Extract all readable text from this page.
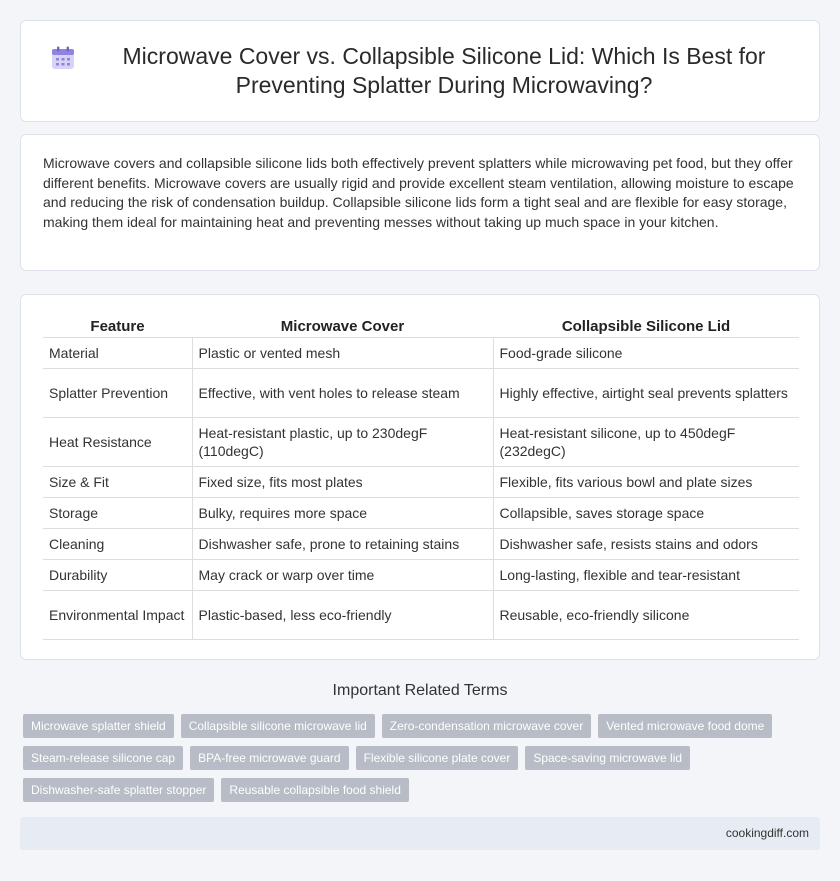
Microwave Cover vs. Collapsible Silicone Lid: Which Is Best for Preventing Splatter During Microwaving?

Microwave covers and collapsible silicone lids both effectively prevent splatters while microwaving pet food, but they offer different benefits. Microwave covers are usually rigid and provide excellent steam ventilation, allowing moisture to escape and reducing the risk of condensation buildup. Collapsible silicone lids form a tight seal and are flexible for easy storage, making them ideal for maintaining heat and preventing messes without taking up much space in your kitchen.

Feature	Microwave Cover	Collapsible Silicone Lid
Material	Plastic or vented mesh	Food-grade silicone
Splatter Prevention	Effective, with vent holes to release steam	Highly effective, airtight seal prevents splatters
Heat Resistance	Heat-resistant plastic, up to 230degF (110degC)	Heat-resistant silicone, up to 450degF (232degC)
Size & Fit	Fixed size, fits most plates	Flexible, fits various bowl and plate sizes
Storage	Bulky, requires more space	Collapsible, saves storage space
Cleaning	Dishwasher safe, prone to retaining stains	Dishwasher safe, resists stains and odors
Durability	May crack or warp over time	Long-lasting, flexible and tear-resistant
Environmental Impact	Plastic-based, less eco-friendly	Reusable, eco-friendly silicone
Important Related Terms
Microwave splatter shield	Collapsible silicone microwave lid	Zero-condensation microwave cover	Vented microwave food dome
Steam-release silicone cap	BPA-free microwave guard	Flexible silicone plate cover	Space-saving microwave lid
Dishwasher-safe splatter stopper	Reusable collapsible food shield
cookingdiff.com
